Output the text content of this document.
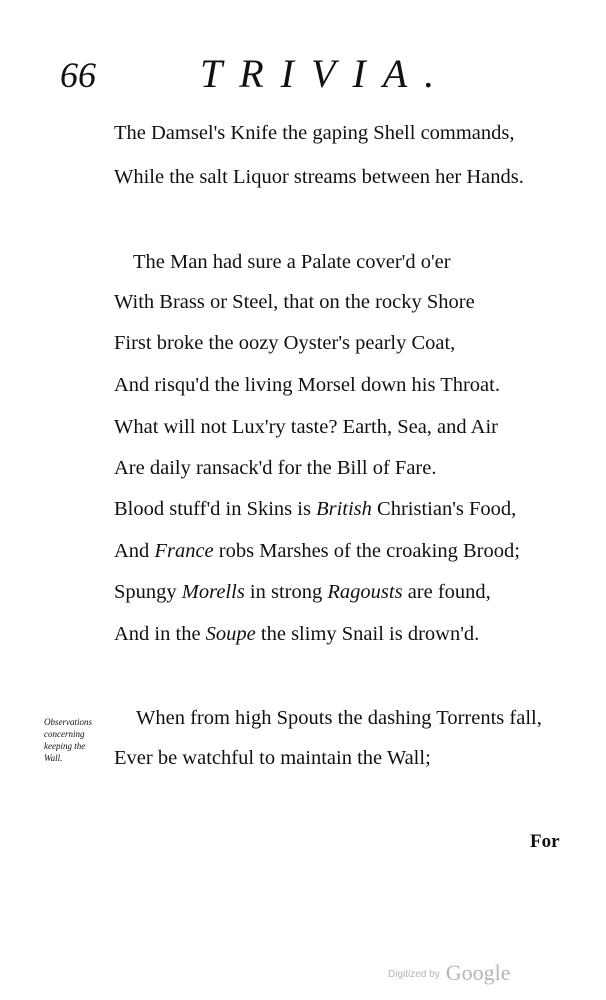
66	TRIVIA.
The Damsel's Knife the gaping Shell commands,
While the salt Liquor streams between her Hands.
The Man had sure a Palate cover'd o'er
With Brass or Steel, that on the rocky Shore
First broke the oozy Oyster's pearly Coat,
And risqu'd the living Morsel down his Throat.
What will not Lux'ry taste? Earth, Sea, and Air
Are daily ransack'd for the Bill of Fare.
Blood stuff'd in Skins is British Christian's Food,
And France robs Marshes of the croaking Brood;
Spungy Morells in strong Ragousts are found,
And in the Soupe the slimy Snail is drown'd.
Observations
concerning
keeping the
Wall.
When from high Spouts the dashing Torrents fall,
Ever be watchful to maintain the Wall;
For
Digitized by Google
